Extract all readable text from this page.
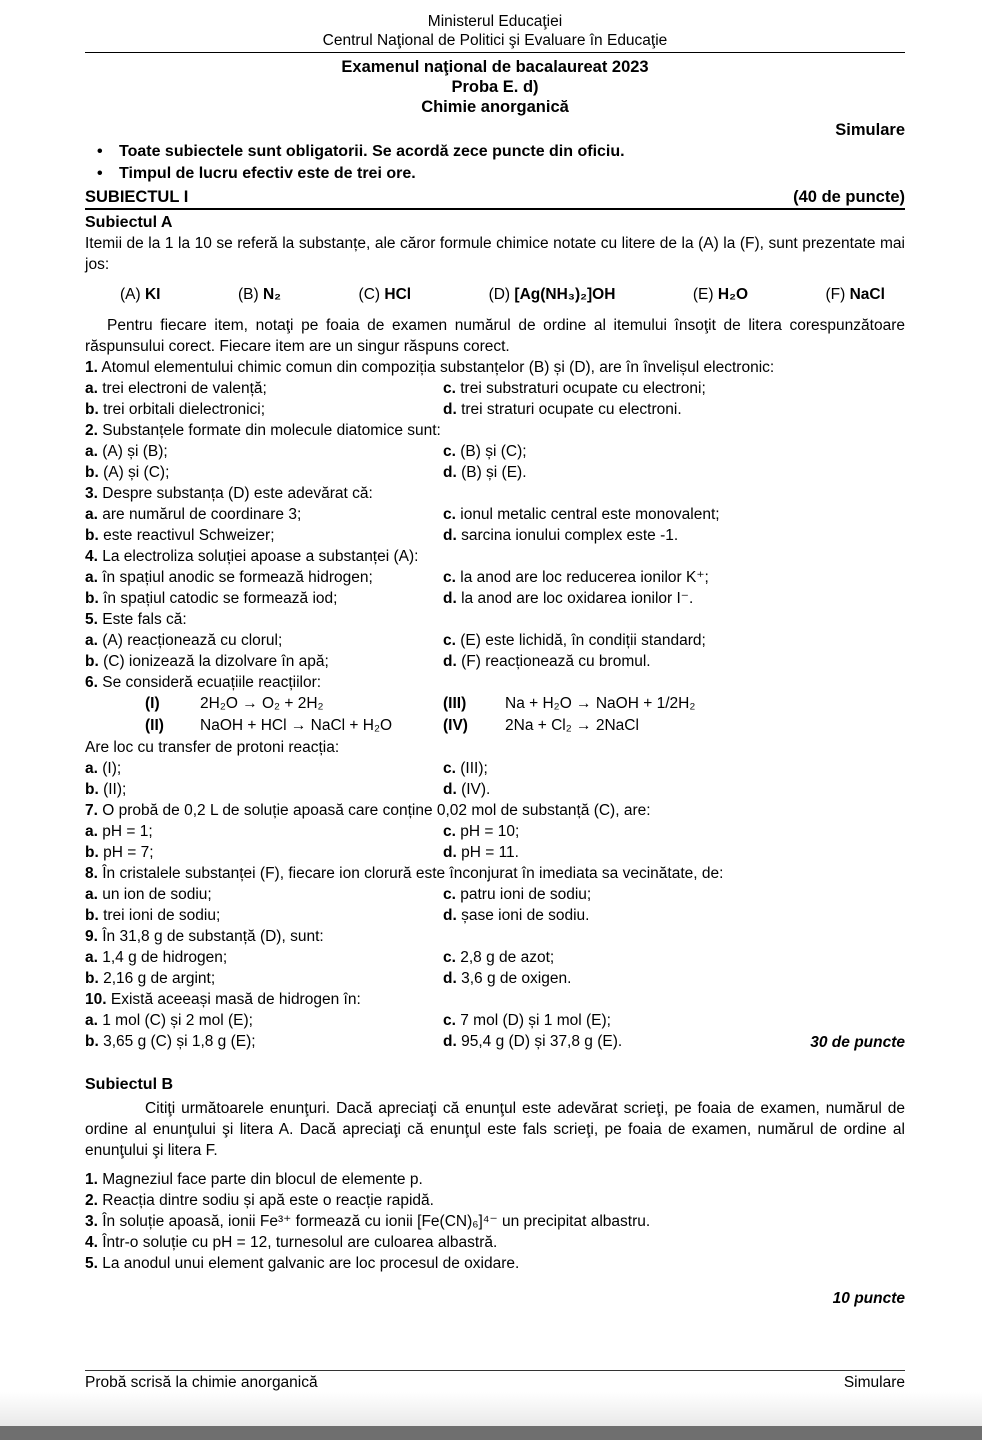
Ministerul Educaţiei
Centrul Naţional de Politici şi Evaluare în Educaţie
Examenul naţional de bacalaureat 2023
Proba E. d)
Chimie anorganică
Simulare
• Toate subiectele sunt obligatorii. Se acordă zece puncte din oficiu.
• Timpul de lucru efectiv este de trei ore.
SUBIECTUL I	(40 de puncte)
Subiectul A
Itemii de la 1 la 10 se referă la substanțe, ale căror formule chimice notate cu litere de la (A) la (F), sunt prezentate mai jos:
(A) KI	(B) N₂	(C) HCl	(D) [Ag(NH₃)₂]OH	(E) H₂O	(F) NaCl
Pentru fiecare item, notaţi pe foaia de examen numărul de ordine al itemului însoţit de litera corespunzătoare răspunsului corect. Fiecare item are un singur răspuns corect.
1. Atomul elementului chimic comun din compoziția substanțelor (B) și (D), are în învelișul electronic:
a. trei electroni de valență;
b. trei orbitali dielectronici;
c. trei substraturi ocupate cu electroni;
d. trei straturi ocupate cu electroni.
2. Substanțele formate din molecule diatomice sunt:
a. (A) și (B);
b. (A) și (C);
c. (B) și (C);
d. (B) și (E).
3. Despre substanța (D) este adevărat că:
a. are numărul de coordinare 3;
b. este reactivul Schweizer;
c. ionul metalic central este monovalent;
d. sarcina ionului complex este -1.
4. La electroliza soluției apoase a substanței (A):
a. în spațiul anodic se formează hidrogen;
b. în spațiul catodic se formează iod;
c. la anod are loc reducerea ionilor K⁺;
d. la anod are loc oxidarea ionilor I⁻.
5. Este fals că:
a. (A) reacționează cu clorul;
b. (C) ionizează la dizolvare în apă;
c. (E) este lichidă, în condiții standard;
d. (F) reacționează cu bromul.
6. Se consideră ecuațiile reacțiilor:
(I)	2H₂O → O₂ + 2H₂	(III)	Na + H₂O → NaOH + 1/2H₂
(II)	NaOH + HCl → NaCl + H₂O	(IV)	2Na + Cl₂ → 2NaCl
Are loc cu transfer de protoni reacția:
a. (I);
b. (II);
c. (III);
d. (IV).
7. O probă de 0,2 L de soluție apoasă care conține 0,02 mol de substanță (C), are:
a. pH = 1;
b. pH = 7;
c. pH = 10;
d. pH = 11.
8. În cristalele substanței (F), fiecare ion clorură este înconjurat în imediata sa vecinătate, de:
a. un ion de sodiu;
b. trei ioni de sodiu;
c. patru ioni de sodiu;
d. șase ioni de sodiu.
9. În 31,8 g de substanță (D), sunt:
a. 1,4 g de hidrogen;
b. 2,16 g de argint;
c. 2,8 g de azot;
d. 3,6 g de oxigen.
10. Există aceeași masă de hidrogen în:
a. 1 mol (C) și 2 mol (E);
b. 3,65 g (C) și 1,8 g (E);
c. 7 mol (D) și 1 mol (E);
d. 95,4 g (D) și 37,8 g (E).	30 de puncte
Subiectul B
Citiţi următoarele enunţuri. Dacă apreciaţi că enunţul este adevărat scrieţi, pe foaia de examen, numărul de ordine al enunţului şi litera A. Dacă apreciaţi că enunţul este fals scrieţi, pe foaia de examen, numărul de ordine al enunţului şi litera F.
1. Magneziul face parte din blocul de elemente p.
2. Reacția dintre sodiu și apă este o reacție rapidă.
3. În soluție apoasă, ionii Fe³⁺ formează cu ionii [Fe(CN)₆]⁴⁻ un precipitat albastru.
4. Într-o soluție cu pH = 12, turnesolul are culoarea albastră.
5. La anodul unui element galvanic are loc procesul de oxidare.
10 puncte
Probă scrisă la chimie anorganică	Simulare
